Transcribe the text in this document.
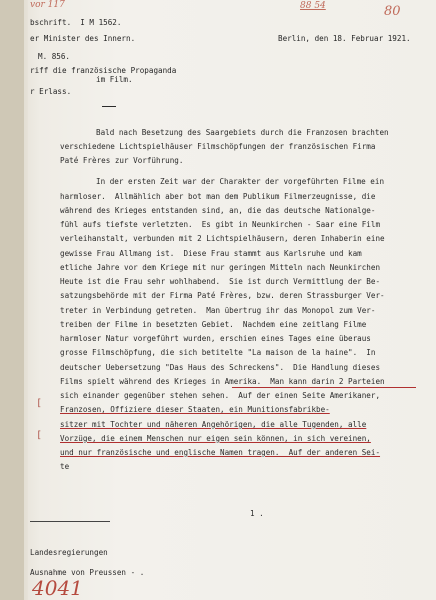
vor 117	88 54	80
bschrift.  I M 1562.
er Minister des Innern.	Berlin, den 18. Februar 1921.
M. 856.
riff die französische Propaganda
im Film.
r Erlass.
Bald nach Besetzung des Saargebiets durch die Franzosen brachten
verschiedene Lichtspielhäuser Filmschöpfungen der französischen Firma
Paté Frères zur Vorführung.
In der ersten Zeit war der Charakter der vorgeführten Filme ein
harmloser.  Allmählich aber bot man dem Publikum Filmerzeugnisse, die
während des Krieges entstanden sind, an, die das deutsche Nationalge-
fühl aufs tiefste verletzten.  Es gibt in Neunkirchen - Saar eine Film
verleihanstalt, verbunden mit 2 Lichtspielhäusern, deren Inhaberin eine
gewisse Frau Allmang ist.  Diese Frau stammt aus Karlsruhe und kam
etliche Jahre vor dem Kriege mit nur geringen Mitteln nach Neunkirchen
Heute ist die Frau sehr wohlhabend.  Sie ist durch Vermittlung der Be-
satzungsbehörde mit der Firma Paté Frères, bzw. deren Strassburger Ver-
treter in Verbindung getreten.  Man übertrug ihr das Monopol zum Ver-
treiben der Filme in besetzten Gebiet.  Nachdem eine zeitlang Filme
harmloser Natur vorgeführt wurden, erschien eines Tages eine überaus
grosse Filmschöpfung, die sich betitelte "La maison de la haine".  In
deutscher Uebersetzung "Das Haus des Schreckens".  Die Handlung dieses
Films spielt während des Krieges in Amerika.  Man kann darin 2 Parteien
sich einander gegenüber stehen sehen.  Auf der einen Seite Amerikaner,
Franzosen, Offiziere dieser Staaten, ein Munitionsfabrikbe-
sitzer mit Tochter und näheren Angehörigen, die alle Tugenden, alle
Vorzüge, die einem Menschen nur eigen sein können, in sich vereinen,
und nur französische und englische Namen tragen.  Auf der anderen Sei-
te
[
[
1 .
Landesregierungen
Ausnahme von Preussen - .
4041
